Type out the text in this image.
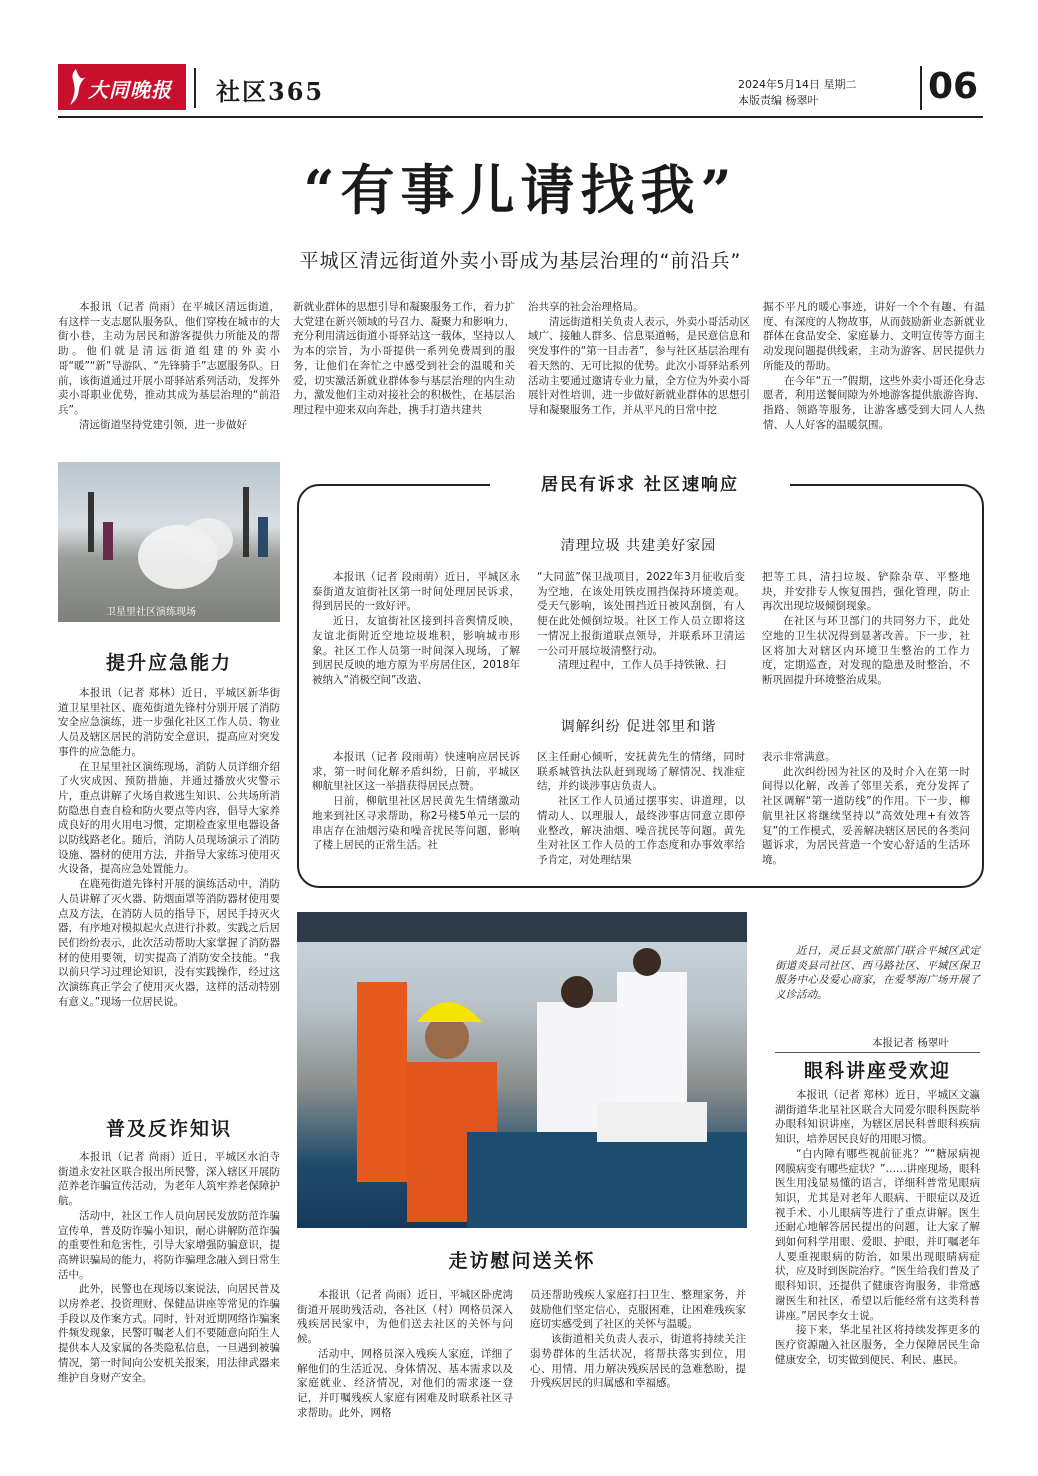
大同晚报 社区365	2024年5月14日 星期二
本版责编 杨翠叶	06
“有事儿请找我”
平城区清远街道外卖小哥成为基层治理的“前沿兵”

本报讯（记者 尚雨）在平城区清远街道，有这样一支志愿队服务队，他们穿梭在城市的大街小巷，主动为居民和游客提供力所能及的帮助。他们就是清远街道组建的外卖小哥“暖”“新”导游队、“先锋骑手”志愿服务队。日前，该街道通过开展小哥驿站系列活动，发挥外卖小哥职业优势，推动其成为基层治理的“前沿兵”。

清远街道坚持党建引领，进一步做好

新就业群体的思想引导和凝聚服务工作，着力扩大党建在新兴领域的号召力、凝聚力和影响力，充分利用清远街道小哥驿站这一载体，坚持以人为本的宗旨，为小哥提供一系列免费周到的服务，让他们在奔忙之中感受到社会的温暖和关爱，切实激活新就业群体参与基层治理的内生动力，激发他们主动对接社会的积极性，在基层治理过程中迎来双向奔赴，携手打造共建共

治共享的社会治理格局。

清远街道相关负责人表示，外卖小哥活动区域广、接触人群多、信息渠道畅，是民意信息和突发事件的“第一目击者”，参与社区基层治理有着天然的、无可比拟的优势。此次小哥驿站系列活动主要通过邀请专业力量，全方位为外卖小哥展针对性培训，进一步做好新就业群体的思想引导和凝聚服务工作，并从平凡的日常中挖

掘不平凡的暖心事迹，讲好一个个有趣、有温度、有深度的人物故事，从而鼓励新业态新就业群体在食品安全、家庭暴力、文明宣传等方面主动发现问题提供线索，主动为游客、居民提供力所能及的帮助。

在今年“五一”假期，这些外卖小哥还化身志愿者，利用送餐间隙为外地游客提供旅游咨询、指路、领路等服务，让游客感受到大同人人热情、人人好客的温暖氛围。

卫星里社区演练现场
提升应急能力

本报讯（记者 郑林）近日，平城区新华街道卫星里社区、鹿苑街道先锋村分别开展了消防安全应急演练，进一步强化社区工作人员、物业人员及辖区居民的消防安全意识，提高应对突发事件的应急能力。

在卫星里社区演练现场，消防人员详细介绍了火灾成因、预防措施，并通过播放火灾警示片，重点讲解了火场自救逃生知识、公共场所消防隐患自查自检和防火要点等内容，倡导大家养成良好的用火用电习惯，定期检查家里电器设备以防线路老化。随后，消防人员现场演示了消防设施、器材的使用方法，并指导大家练习使用灭火设备，提高应急处置能力。

在鹿苑街道先锋村开展的演练活动中，消防人员讲解了灭火器、防烟面罩等消防器材使用要点及方法，在消防人员的指导下，居民手持灭火器，有序地对模拟起火点进行扑救。实践之后居民们纷纷表示，此次活动帮助大家掌握了消防器材的使用要领，切实提高了消防安全技能。“我以前只学习过理论知识，没有实践操作，经过这次演练真正学会了使用灭火器，这样的活动特别有意义。”现场一位居民说。

普及反诈知识

本报讯（记者 尚雨）近日，平城区水泊寺街道永安社区联合报出所民警，深入辖区开展防范养老诈骗宣传活动，为老年人筑牢养老保障护航。

活动中，社区工作人员向居民发放防范诈骗宣传单，普及防诈骗小知识，耐心讲解防范诈骗的重要性和危害性，引导大家增强防骗意识，提高辨识骗局的能力，将防诈骗理念融入到日常生活中。

此外，民警也在现场以案说法，向居民普及以房养老、投资理财、保健品讲座等常见的诈骗手段以及作案方式。同时，针对近期网络诈骗案件频发现象，民警叮嘱老人们不要随意向陌生人提供本人及家属的各类隐私信息，一旦遇到被骗情况，第一时间向公安机关报案，用法律武器来维护自身财产安全。

居民有诉求 社区速响应
清理垃圾 共建美好家园

本报讯（记者 段雨萌）近日，平城区永泰街道友谊街社区第一时间处理居民诉求，得到居民的一致好评。

近日，友谊街社区接到抖音舆情反映，友谊北街附近空地垃圾堆积，影响城市形象。社区工作人员第一时间深入现场，了解到居民反映的地方原为平房居住区，2018年被纳入“消极空间”改造、

“大同蓝”保卫战项目，2022年3月征收后变为空地，在该处用铁皮围挡保持环境美观。受天气影响，该处围挡近日被风刮倒，有人便在此处倾倒垃圾。社区工作人员立即将这一情况上报街道联点领导，并联系环卫清运一公司开展垃圾清整行动。

清理过程中，工作人员手持铁锹、扫

把等工具，清扫垃圾、铲除杂草、平整地块，并安排专人恢复围挡，强化管理，防止再次出现垃圾倾倒现象。

在社区与环卫部门的共同努力下，此处空地的卫生状况得到显著改善。下一步，社区将加大对辖区内环境卫生整治的工作力度，定期巡查，对发现的隐患及时整治，不断巩固提升环境整治成果。

调解纠纷 促进邻里和谐

本报讯（记者 段雨萌）快速响应居民诉求，第一时间化解矛盾纠纷，日前，平城区柳航里社区这一举措获得居民点赞。

日前，柳航里社区居民黄先生情绪激动地来到社区寻求帮助，称2号楼5单元一层的串店存在油烟污染和噪音扰民等问题，影响了楼上居民的正常生活。社

区主任耐心倾听，安抚黄先生的情绪，同时联系城管执法队赶到现场了解情况、找准症结，并约谈涉事店负责人。

社区工作人员通过摆事实、讲道理，以情动人、以理服人，最终涉事店同意立即停业整改，解决油烟、噪音扰民等问题。黄先生对社区工作人员的工作态度和办事效率给予肯定，对处理结果

表示非常满意。

此次纠纷因为社区的及时介入在第一时间得以化解，改善了邻里关系，充分发挥了社区调解“第一道防线”的作用。下一步，柳航里社区将继续坚持以“高效处理+有效答复”的工作模式，妥善解决辖区居民的各类问题诉求，为居民营造一个安心舒适的生活环境。

近日，灵丘县文旅部门联合平城区武定街道炎县司社区、西马路社区、平城区保卫服务中心及爱心商家，在爱琴海广场开展了义诊活动。
本报记者 杨翠叶
眼科讲座受欢迎

本报讯（记者 郑林）近日，平城区文瀛湖街道华北星社区联合大同爱尔眼科医院举办眼科知识讲座，为辖区居民科普眼科疾病知识，培养居民良好的用眼习惯。

“白内障有哪些视前征兆？”“糖尿病视网膜病变有哪些症状？”……讲座现场，眼科医生用浅显易懂的语言，详细科普常见眼病知识，尤其是对老年人眼病、干眼症以及近视手术、小儿眼病等进行了重点讲解。医生还耐心地解答居民提出的问题，让大家了解到如何科学用眼、爱眼、护眼，并叮嘱老年人要重视眼病的防治，如果出现眼睛病症状，应及时到医院治疗。“医生给我们普及了眼科知识，还提供了健康咨询服务，非常感谢医生和社区，希望以后能经常有这类科普讲座。”居民李女士说。

接下来，华北星社区将持续发挥更多的医疗资源融入社区服务，全力保障居民生命健康安全，切实做到便民、利民、惠民。

走访慰问送关怀

本报讯（记者 尚雨）近日，平城区卧虎湾街道开展助残活动，各社区（村）网格员深入残疾居民家中，为他们送去社区的关怀与问候。

活动中，网格员深入残疾人家庭，详细了解他们的生活近况、身体情况、基本需求以及家庭就业、经济情况，对他们的需求逐一登记，并叮嘱残疾人家庭有困难及时联系社区寻求帮助。此外，网格

员还帮助残疾人家庭打扫卫生、整理家务，并鼓励他们坚定信心，克服困难，让困难残疾家庭切实感受到了社区的关怀与温暖。

该街道相关负责人表示，街道将持续关注弱势群体的生活状况，将帮扶落实到位，用心、用情、用力解决残疾居民的急难愁盼，提升残疾居民的归属感和幸福感。
